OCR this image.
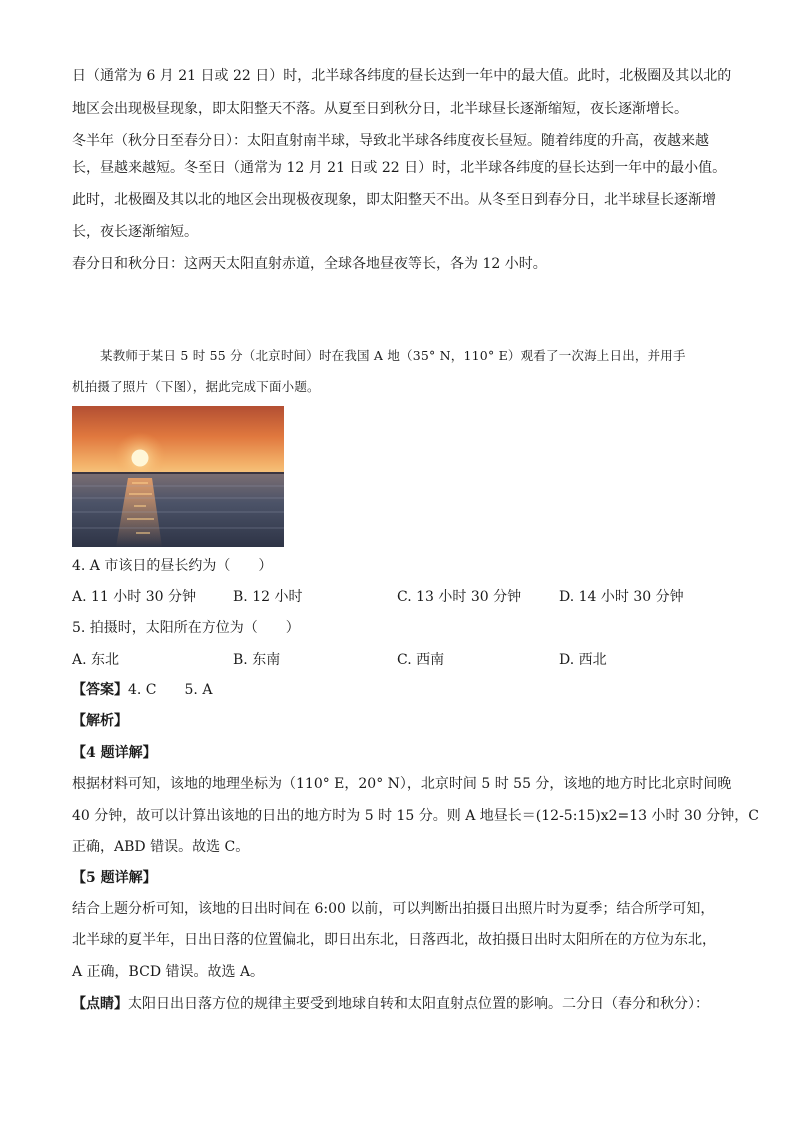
日（通常为 6 月 21 日或 22 日）时，北半球各纬度的昼长达到一年中的最大值。此时，北极圈及其以北的

地区会出现极昼现象，即太阳整天不落。从夏至日到秋分日，北半球昼长逐渐缩短，夜长逐渐增长。

冬半年（秋分日至春分日）：太阳直射南半球，导致北半球各纬度夜长昼短。随着纬度的升高，夜越来越

长，昼越来越短。冬至日（通常为 12 月 21 日或 22 日）时，北半球各纬度的昼长达到一年中的最小值。

此时，北极圈及其以北的地区会出现极夜现象，即太阳整天不出。从冬至日到春分日，北半球昼长逐渐增

长，夜长逐渐缩短。

春分日和秋分日：这两天太阳直射赤道，全球各地昼夜等长，各为 12 小时。

某教师于某日 5 时 55 分（北京时间）时在我国 A 地（35° N，110° E）观看了一次海上日出，并用手

机拍摄了照片（下图），据此完成下面小题。

4. A 市该日的昼长约为（　　）

A. 11 小时 30 分钟	B. 12 小时	C. 13 小时 30 分钟	D. 14 小时 30 分钟

5. 拍摄时，太阳所在方位为（　　）

A. 东北	B. 东南	C. 西南	D. 西北

【答案】4. C　　5. A

【解析】

【4 题详解】

根据材料可知，该地的地理坐标为（110° E，20° N），北京时间 5 时 55 分，该地的地方时比北京时间晚

40 分钟，故可以计算出该地的日出的地方时为 5 时 15 分。则 A 地昼长＝(12-5:15)x2=13 小时 30 分钟，C

正确，ABD 错误。故选 C。

【5 题详解】

结合上题分析可知，该地的日出时间在 6:00 以前，可以判断出拍摄日出照片时为夏季；结合所学可知，

北半球的夏半年，日出日落的位置偏北，即日出东北，日落西北，故拍摄日出时太阳所在的方位为东北，

A 正确，BCD 错误。故选 A。

【点睛】太阳日出日落方位的规律主要受到地球自转和太阳直射点位置的影响。二分日（春分和秋分）：
